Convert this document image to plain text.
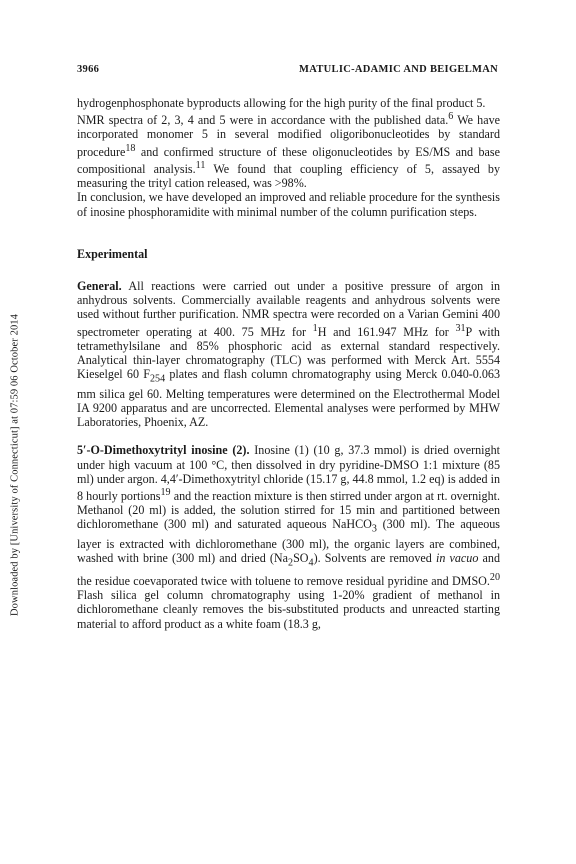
Downloaded by [University of Connecticut] at 07:59 06 October 2014
3966	MATULIC-ADAMIC AND BEIGELMAN

hydrogenphosphonate byproducts allowing for the high purity of the final product 5.

NMR spectra of 2, 3, 4 and 5 were in accordance with the published data.$^6$ We have incorporated monomer 5 in several modified oligoribonucleotides by standard procedure$^{18}$ and confirmed structure of these oligonucleotides by ES/MS and base compositional analysis.$^{11}$ We found that coupling efficiency of 5, assayed by measuring the trityl cation released, was >98%.

In conclusion, we have developed an improved and reliable procedure for the synthesis of inosine phosphoramidite with minimal number of the column purification steps.

Experimental

General. All reactions were carried out under a positive pressure of argon in anhydrous solvents. Commercially available reagents and anhydrous solvents were used without further purification. NMR spectra were recorded on a Varian Gemini 400 spectrometer operating at 400. 75 MHz for $^1$H and 161.947 MHz for $^{31}$P with tetramethylsilane and 85% phosphoric acid as external standard respectively. Analytical thin-layer chromatography (TLC) was performed with Merck Art. 5554 Kieselgel 60 $F_{254}$ plates and flash column chromatography using Merck 0.040-0.063 mm silica gel 60. Melting temperatures were determined on the Electrothermal Model IA 9200 apparatus and are uncorrected. Elemental analyses were performed by MHW Laboratories, Phoenix, AZ.

5′-O-Dimethoxytrityl inosine (2). Inosine (1) (10 g, 37.3 mmol) is dried overnight under high vacuum at 100 °C, then dissolved in dry pyridine-DMSO 1:1 mixture (85 ml) under argon. 4,4′-Dimethoxytrityl chloride (15.17 g, 44.8 mmol, 1.2 eq) is added in 8 hourly portions$^{19}$ and the reaction mixture is then stirred under argon at rt. overnight. Methanol (20 ml) is added, the solution stirred for 15 min and partitioned between dichloromethane (300 ml) and saturated aqueous NaHCO$_3$ (300 ml). The aqueous layer is extracted with dichloromethane (300 ml), the organic layers are combined, washed with brine (300 ml) and dried $(Na_2SO_4)$. Solvents are removed in vacuo and the residue coevaporated twice with toluene to remove residual pyridine and DMSO.$^{20}$ Flash silica gel column chromatography using 1-20% gradient of methanol in dichloromethane cleanly removes the bis-substituted products and unreacted starting material to afford product as a white foam (18.3 g,
